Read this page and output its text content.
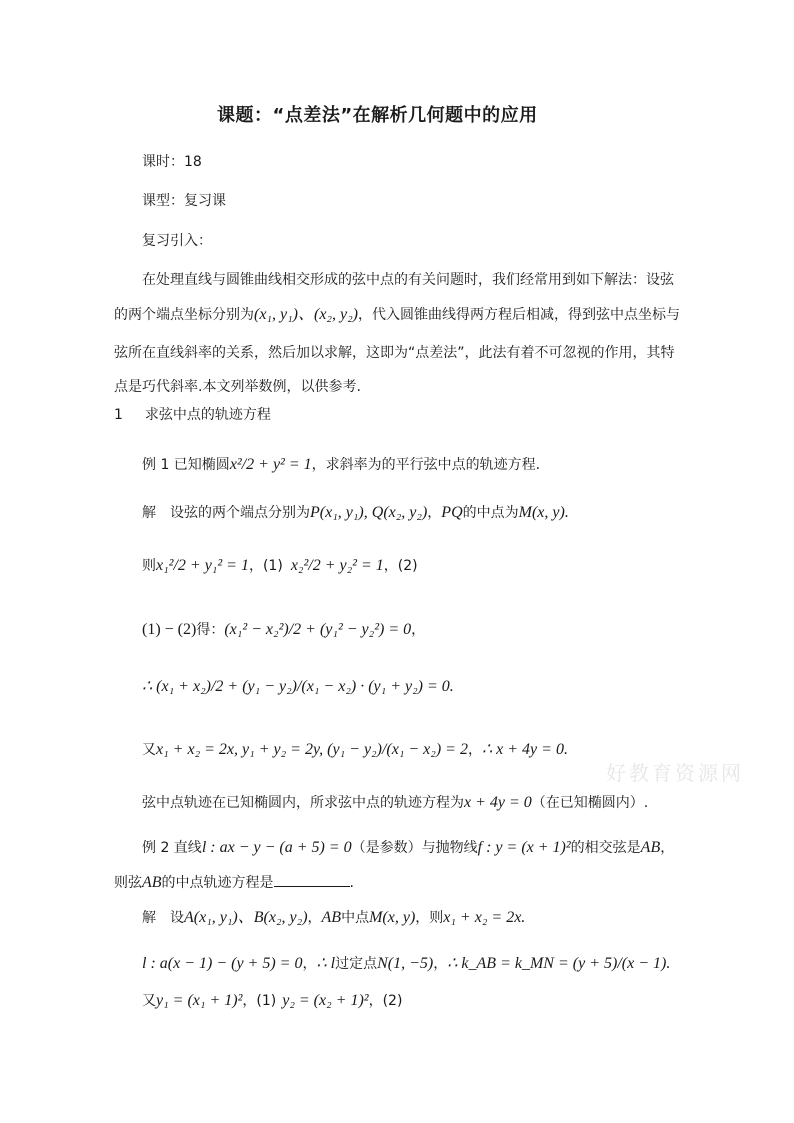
好教育资源网
课题：“点差法”在解析几何题中的应用
课时：18
课型：复习课
复习引入：
在处理直线与圆锥曲线相交形成的弦中点的有关问题时，我们经常用到如下解法：设弦
的两个端点坐标分别为(x₁, y₁)、(x₂, y₂)，代入圆锥曲线得两方程后相减，得到弦中点坐标与
弦所在直线斜率的关系，然后加以求解，这即为“点差法”，此法有着不可忽视的作用，其特
点是巧代斜率.本文列举数例，以供参考.
1 求弦中点的轨迹方程
例 1 已知椭圆x²/2 + y² = 1，求斜率为的平行弦中点的轨迹方程.
解　设弦的两个端点分别为P(x₁, y₁), Q(x₂, y₂)，PQ的中点为M(x, y).
则x₁²/2 + y₁² = 1，(1) x₂²/2 + y₂² = 1，(2)
(1) − (2)得：(x₁² − x₂²)/2 + (y₁² − y₂²) = 0，
∴ (x₁ + x₂)/2 + (y₁ − y₂)/(x₁ − x₂) · (y₁ + y₂) = 0.
又x₁ + x₂ = 2x, y₁ + y₂ = 2y, (y₁ − y₂)/(x₁ − x₂) = 2，∴ x + 4y = 0.
弦中点轨迹在已知椭圆内，所求弦中点的轨迹方程为x + 4y = 0（在已知椭圆内）.
例 2 直线l : ax − y − (a + 5) = 0（是参数）与抛物线f : y = (x + 1)²的相交弦是AB，
则弦AB的中点轨迹方程是	.
解　设A(x₁, y₁)、B(x₂, y₂)，AB中点M(x, y)，则x₁ + x₂ = 2x.
l : a(x − 1) − (y + 5) = 0，∴ l过定点N(1, −5)，∴ k_AB = k_MN = (y + 5)/(x − 1).
又y₁ = (x₁ + 1)²，(1) y₂ = (x₂ + 1)²，(2)
